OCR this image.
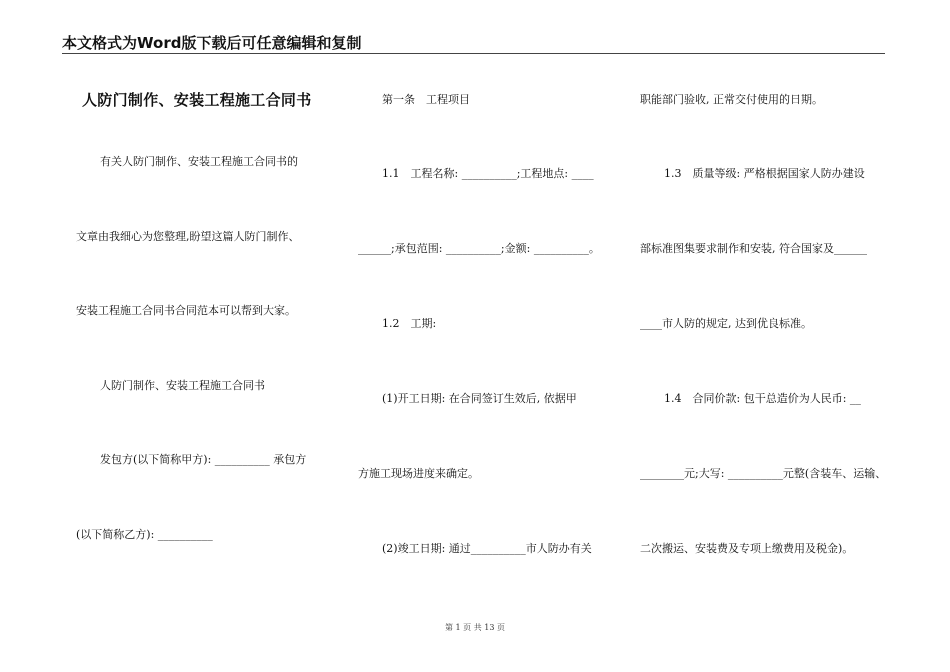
本文格式为Word版下载后可任意编辑和复制
人防门制作、安装工程施工合同书
有关人防门制作、安装工程施工合同书的
文章由我细心为您整理,盼望这篇人防门制作、
安装工程施工合同书合同范本可以帮到大家。
人防门制作、安装工程施工合同书
发包方(以下简称甲方): __________ 承包方
(以下简称乙方): __________
第一条　工程项目
1.1　工程名称: __________;工程地点: ____
______;承包范围: __________;金额: __________。
1.2　工期:
(1)开工日期: 在合同签订生效后, 依据甲
方施工现场进度来确定。
(2)竣工日期: 通过__________市人防办有关
职能部门验收, 正常交付使用的日期。
1.3　质量等级: 严格根据国家人防办建设
部标准图集要求制作和安装, 符合国家及______
____市人防的规定, 达到优良标准。
1.4　合同价款: 包干总造价为人民币: __
________元;大写: __________元整(含装车、运输、
二次搬运、安装费及专项上缴费用及税金)。
第 1 页 共 13 页
